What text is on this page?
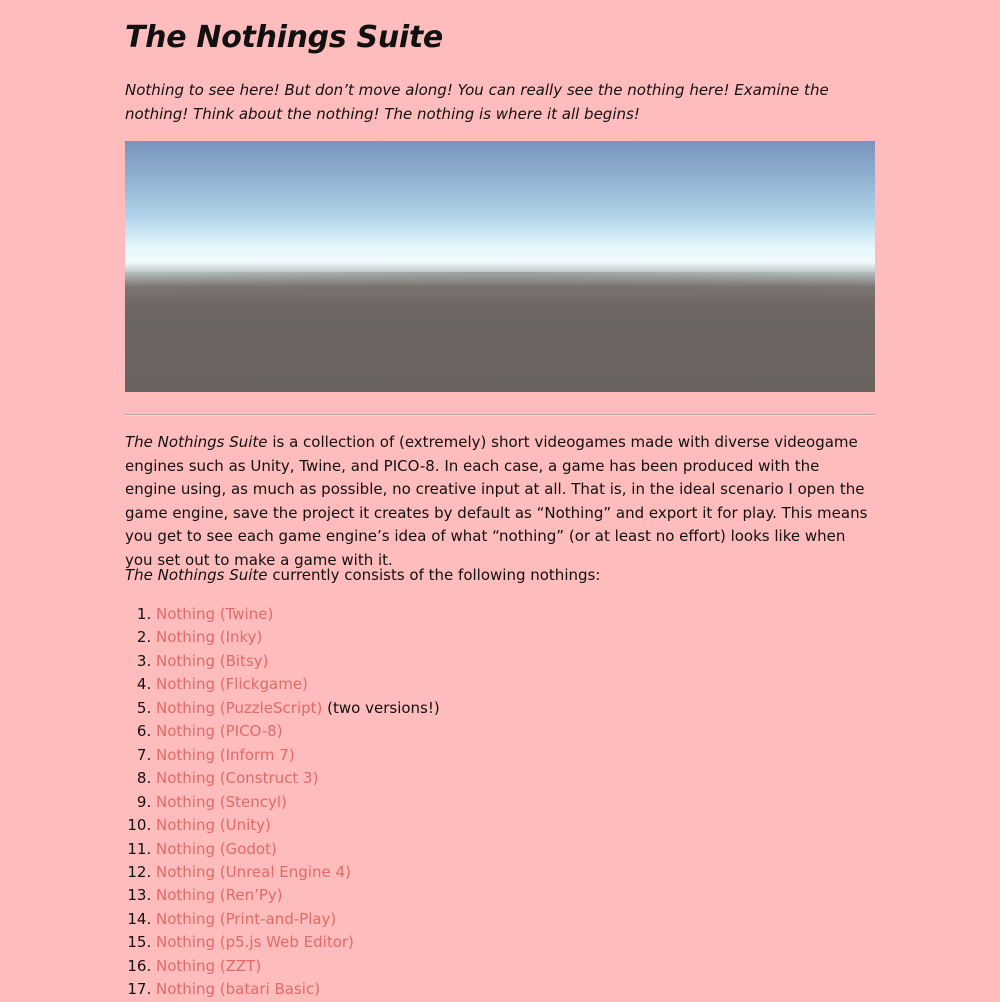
The Nothings Suite

Nothing to see here! But don’t move along! You can really see the nothing here! Examine the nothing! Think about the nothing! The nothing is where it all begins!

The Nothings Suite is a collection of (extremely) short videogames made with diverse videogame engines such as Unity, Twine, and PICO-8. In each case, a game has been produced with the engine using, as much as possible, no creative input at all. That is, in the ideal scenario I open the game engine, save the project it creates by default as “Nothing” and export it for play. This means you get to see each game engine’s idea of what “nothing” (or at least no effort) looks like when you set out to make a game with it.

The Nothings Suite currently consists of the following nothings:

1. Nothing (Twine)
2. Nothing (Inky)
3. Nothing (Bitsy)
4. Nothing (Flickgame)
5. Nothing (PuzzleScript) (two versions!)
6. Nothing (PICO-8)
7. Nothing (Inform 7)
8. Nothing (Construct 3)
9. Nothing (Stencyl)
10. Nothing (Unity)
11. Nothing (Godot)
12. Nothing (Unreal Engine 4)
13. Nothing (Ren’Py)
14. Nothing (Print-and-Play)
15. Nothing (p5.js Web Editor)
16. Nothing (ZZT)
17. Nothing (batari Basic)
